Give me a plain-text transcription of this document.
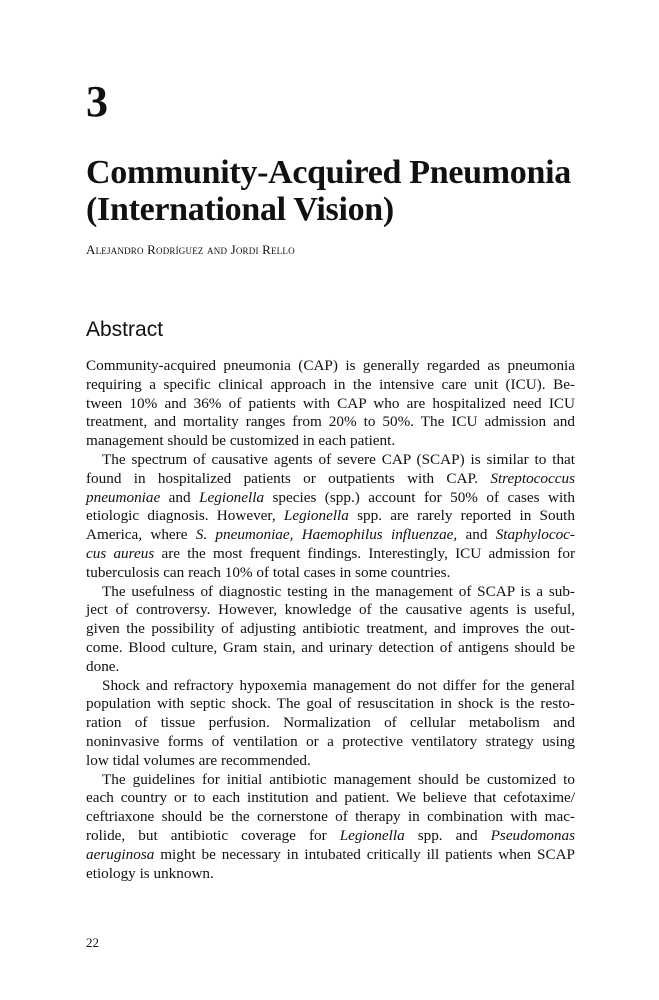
3
Community-Acquired Pneumonia
(International Vision)
Alejandro Rodríguez and Jordi Rello
Abstract

Community-acquired pneumonia (CAP) is generally regarded as pneumonia
requiring a specific clinical approach in the intensive care unit (ICU). Be-
tween 10% and 36% of patients with CAP who are hospitalized need ICU
treatment, and mortality ranges from 20% to 50%. The ICU admission and
management should be customized in each patient.

The spectrum of causative agents of severe CAP (SCAP) is similar to that
found in hospitalized patients or outpatients with CAP. Streptococcus
pneumoniae and Legionella species (spp.) account for 50% of cases with
etiologic diagnosis. However, Legionella spp. are rarely reported in South
America, where S. pneumoniae, Haemophilus influenzae, and Staphylococ-
cus aureus are the most frequent findings. Interestingly, ICU admission for
tuberculosis can reach 10% of total cases in some countries.

The usefulness of diagnostic testing in the management of SCAP is a sub-
ject of controversy. However, knowledge of the causative agents is useful,
given the possibility of adjusting antibiotic treatment, and improves the out-
come. Blood culture, Gram stain, and urinary detection of antigens should be
done.

Shock and refractory hypoxemia management do not differ for the general
population with septic shock. The goal of resuscitation in shock is the resto-
ration of tissue perfusion. Normalization of cellular metabolism and
noninvasive forms of ventilation or a protective ventilatory strategy using
low tidal volumes are recommended.

The guidelines for initial antibiotic management should be customized to
each country or to each institution and patient. We believe that cefotaxime/
ceftriaxone should be the cornerstone of therapy in combination with mac-
rolide, but antibiotic coverage for Legionella spp. and Pseudomonas
aeruginosa might be necessary in intubated critically ill patients when SCAP
etiology is unknown.

22
